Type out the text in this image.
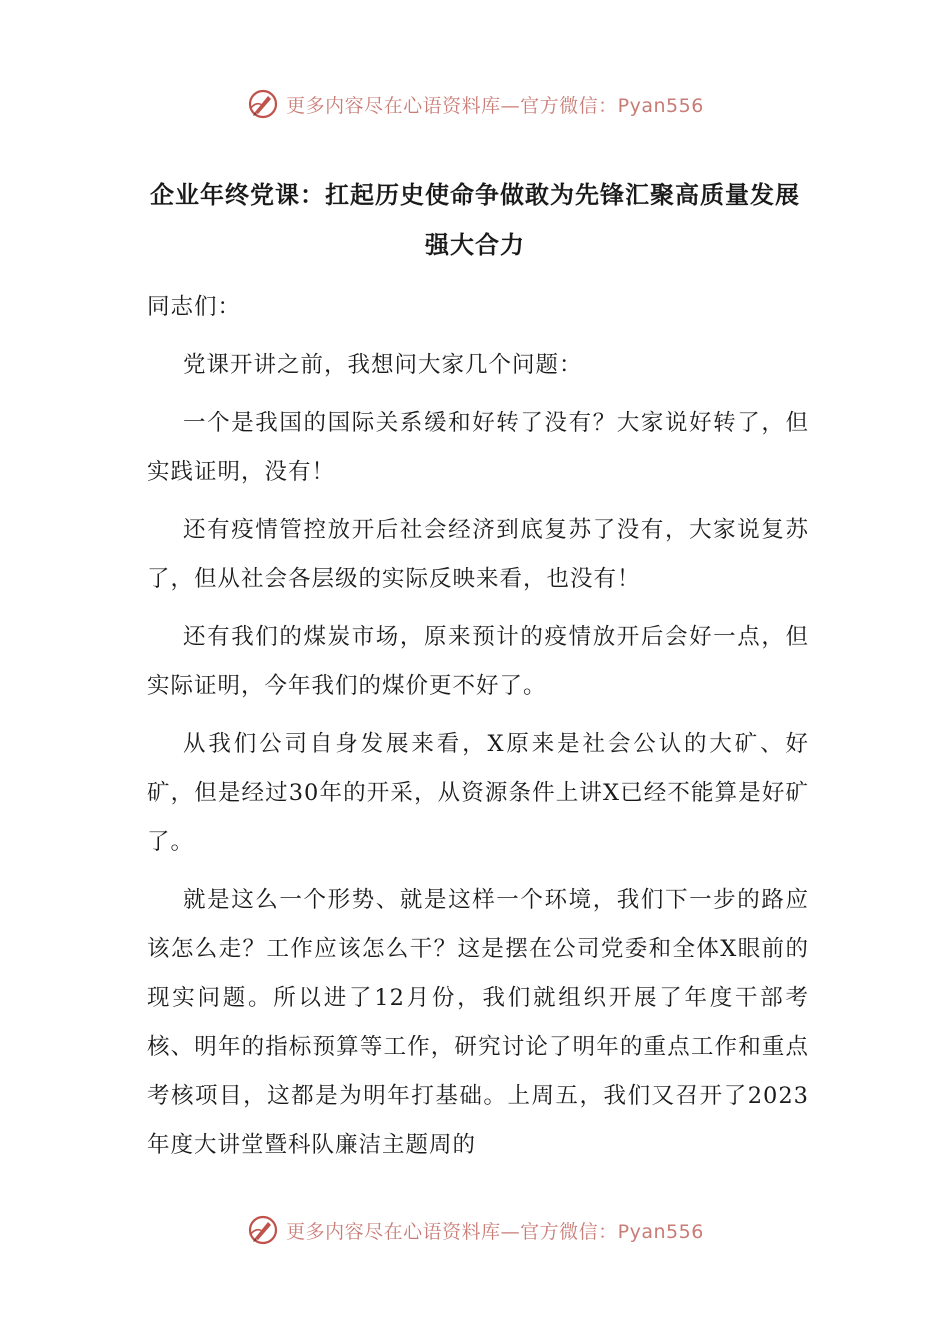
更多内容尽在心语资料库—官方微信：Pyan556
企业年终党课：扛起历史使命争做敢为先锋汇聚高质量发展强大合力

同志们：

党课开讲之前，我想问大家几个问题：

一个是我国的国际关系缓和好转了没有？大家说好转了，但实践证明，没有！

还有疫情管控放开后社会经济到底复苏了没有，大家说复苏了，但从社会各层级的实际反映来看，也没有！

还有我们的煤炭市场，原来预计的疫情放开后会好一点，但实际证明，今年我们的煤价更不好了。

从我们公司自身发展来看，X原来是社会公认的大矿、好矿，但是经过30年的开采，从资源条件上讲X已经不能算是好矿了。

就是这么一个形势、就是这样一个环境，我们下一步的路应该怎么走？工作应该怎么干？这是摆在公司党委和全体X眼前的现实问题。所以进了12月份，我们就组织开展了年度干部考核、明年的指标预算等工作，研究讨论了明年的重点工作和重点考核项目，这都是为明年打基础。上周五，我们又召开了2023年度大讲堂暨科队廉洁主题周的

更多内容尽在心语资料库—官方微信：Pyan556
